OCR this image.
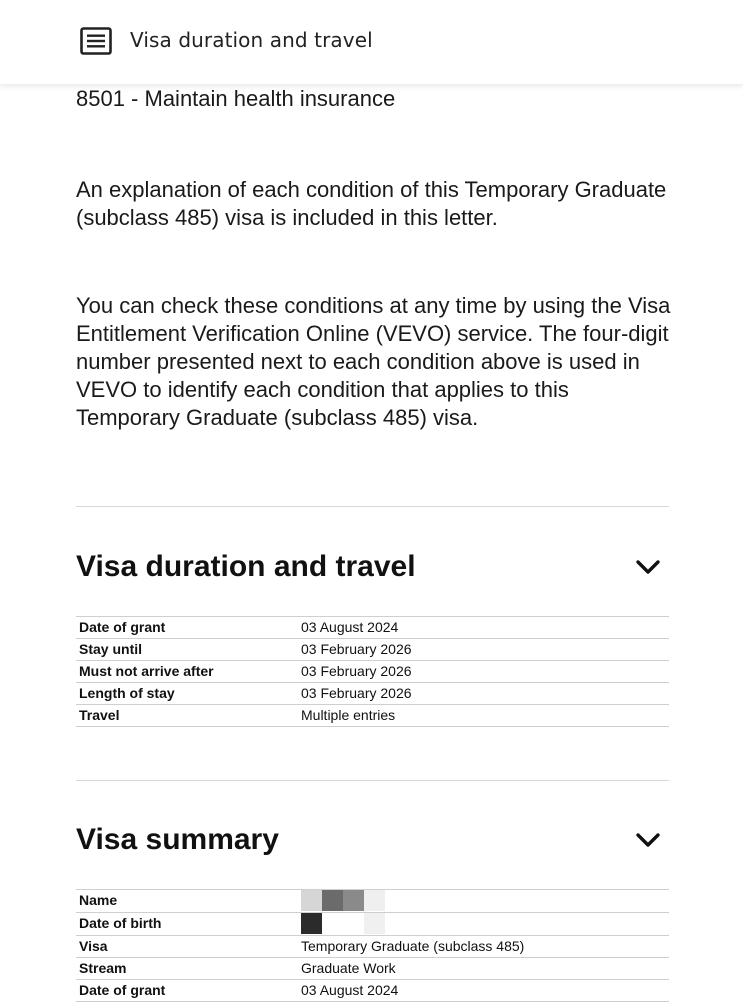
Visa duration and travel

8501 - Maintain health insurance

An explanation of each condition of this Temporary Graduate (subclass 485) visa is included in this letter.

You can check these conditions at any time by using the Visa Entitlement Verification Online (VEVO) service. The four-digit number presented next to each condition above is used in VEVO to identify each condition that applies to this Temporary Graduate (subclass 485) visa.

Visa duration and travel
Date of grant	03 August 2024
Stay until	03 February 2026
Must not arrive after	03 February 2026
Length of stay	03 February 2026
Travel	Multiple entries
Visa summary
Name	
Date of birth	
Visa	Temporary Graduate (subclass 485)
Stream	Graduate Work
Date of grant	03 August 2024
